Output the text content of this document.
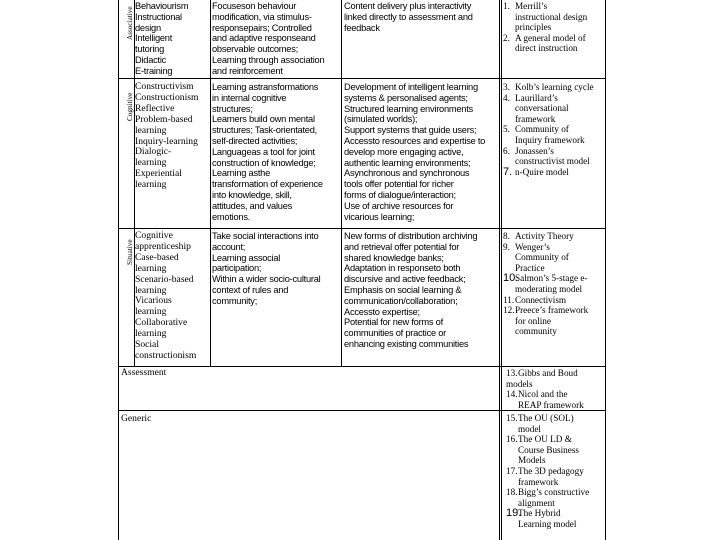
Associative
Behaviourism
Instructional
design
Intelligent
tutoring
Didactic
E-training
Focuseson behaviour
modification, via stimulus-
responsepairs; Controlled
and adaptive responseand
observable outcomes;
Learning through association
and reinforcement
Content delivery plus interactivity
linked directly to assessment and
feedback
1. Merrill’s

instructional design
principles
2. A general model of

direct instruction
Cognitive
Constructivism
Constructionism
Reflective
Problem-based
learning
Inquiry-learning
Dialogic-
learning
Experiential
learning
Learning astransformations
in internal cognitive
structures;
Learners build own mental
structures; Task-orientated,
self-directed activities;
Languageas a tool for joint
construction of knowledge;
Learning asthe
transformation of experience
into knowledge, skill,
attitudes, and values
emotions.
Development of intelligent learning
systems & personalised agents;
Structured learning environments
(simulated worlds);
Support systems that guide users;
Accessto resources and expertise to
develop more engaging active,
authentic learning environments;
Asynchronous and synchronous
tools offer potential for richer
forms of dialogue/interaction;
Use of archive resources for
vicarious learning;
3. Kolb’s learning cycle

4. Laurillard’s

conversational
framework
5. Community of

Inquiry framework
6. Jonassen’s

constructivist model
7. n-Quire model

Situative
Cognitive
apprenticeship
Case-based
learning
Scenario-based
learning
Vicarious
learning
Collaborative
learning
Social
constructionism
Take social interactions into
account;
Learning associal
participation;
Within a wider socio-cultural
context of rules and
community;
New forms of distribution archiving
and retrieval offer potential for
shared knowledge banks;
Adaptation in responseto both
discursive and active feedback;
Emphasis on social learning &
communication/collaboration;
Accessto expertise;
Potential for new forms of
communities of practice or
enhancing existing communities
8. Activity Theory

9. Wenger’s

Community of
Practice
10.Salmon’s 5-stage e-

moderating model
11.Connectivism

12.Preece’s framework

for online
community
Assessment	13.Gibbs and Boud

models
14.Nicol and the

REAP framework
Generic	15.The OU (SOL)

model
16.The OU LD &

Course Business
Models
17.The 3D pedagogy

framework
18.Bigg’s constructive

alignment
19.The Hybrid

Learning model
